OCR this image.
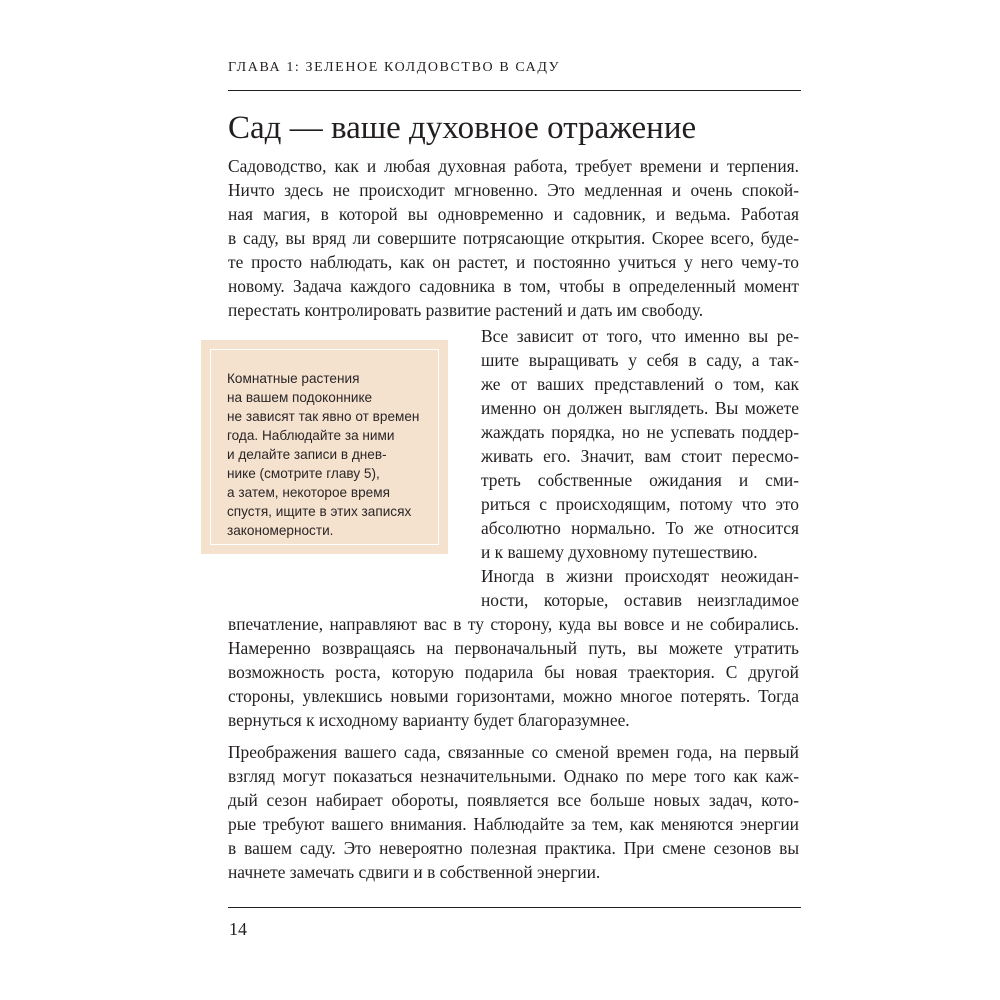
ГЛАВА 1: ЗЕЛЕНОЕ КОЛДОВСТВО В САДУ
Сад — ваше духовное отражение
Садоводство, как и любая духовная работа, требует времени и терпения.
Ничто здесь не происходит мгновенно. Это медленная и очень спокой-
ная магия, в которой вы одновременно и садовник, и ведьма. Работая
в саду, вы вряд ли совершите потрясающие открытия. Скорее всего, буде-
те просто наблюдать, как он растет, и постоянно учиться у него чему-то
новому. Задача каждого садовника в том, чтобы в определенный момент
перестать контролировать развитие растений и дать им свободу.
Комнатные растения
на вашем подоконнике
не зависят так явно от времен
года. Наблюдайте за ними
и делайте записи в днев-
нике (смотрите главу 5),
а затем, некоторое время
спустя, ищите в этих записях
закономерности.
Все зависит от того, что именно вы ре-
шите выращивать у себя в саду, а так-
же от ваших представлений о том, как
именно он должен выглядеть. Вы можете
жаждать порядка, но не успевать поддер-
живать его. Значит, вам стоит пересмо-
треть собственные ожидания и сми-
риться с происходящим, потому что это
абсолютно нормально. То же относится
и к вашему духовному путешествию.
Иногда в жизни происходят неожидан-
ности, которые, оставив неизгладимое
впечатление, направляют вас в ту сторону, куда вы вовсе и не собирались.
Намеренно возвращаясь на первоначальный путь, вы можете утратить
возможность роста, которую подарила бы новая траектория. С другой
стороны, увлекшись новыми горизонтами, можно многое потерять. Тогда
вернуться к исходному варианту будет благоразумнее.
Преображения вашего сада, связанные со сменой времен года, на первый
взгляд могут показаться незначительными. Однако по мере того как каж-
дый сезон набирает обороты, появляется все больше новых задач, кото-
рые требуют вашего внимания. Наблюдайте за тем, как меняются энергии
в вашем саду. Это невероятно полезная практика. При смене сезонов вы
начнете замечать сдвиги и в собственной энергии.
14
